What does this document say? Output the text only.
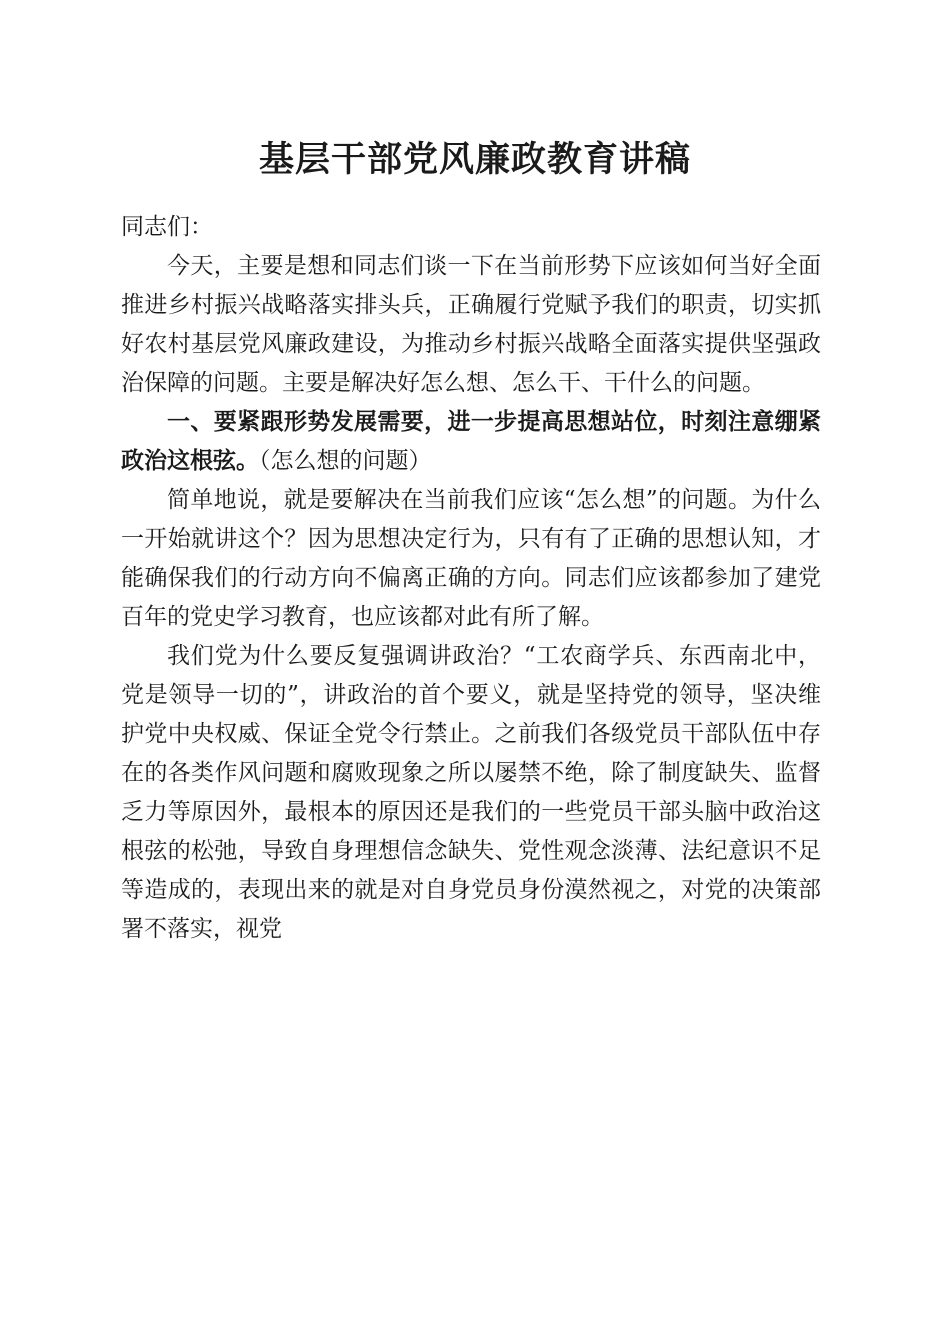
基层干部党风廉政教育讲稿

同志们：

今天，主要是想和同志们谈一下在当前形势下应该如何当好全面推进乡村振兴战略落实排头兵，正确履行党赋予我们的职责，切实抓好农村基层党风廉政建设，为推动乡村振兴战略全面落实提供坚强政治保障的问题。主要是解决好怎么想、怎么干、干什么的问题。

一、要紧跟形势发展需要，进一步提高思想站位，时刻注意绷紧政治这根弦。（怎么想的问题）

简单地说，就是要解决在当前我们应该“怎么想”的问题。为什么一开始就讲这个？因为思想决定行为，只有有了正确的思想认知，才能确保我们的行动方向不偏离正确的方向。同志们应该都参加了建党百年的党史学习教育，也应该都对此有所了解。

我们党为什么要反复强调讲政治？“工农商学兵、东西南北中，党是领导一切的”，讲政治的首个要义，就是坚持党的领导，坚决维护党中央权威、保证全党令行禁止。之前我们各级党员干部队伍中存在的各类作风问题和腐败现象之所以屡禁不绝，除了制度缺失、监督乏力等原因外，最根本的原因还是我们的一些党员干部头脑中政治这根弦的松弛，导致自身理想信念缺失、党性观念淡薄、法纪意识不足等造成的，表现出来的就是对自身党员身份漠然视之，对党的决策部署不落实，视党
